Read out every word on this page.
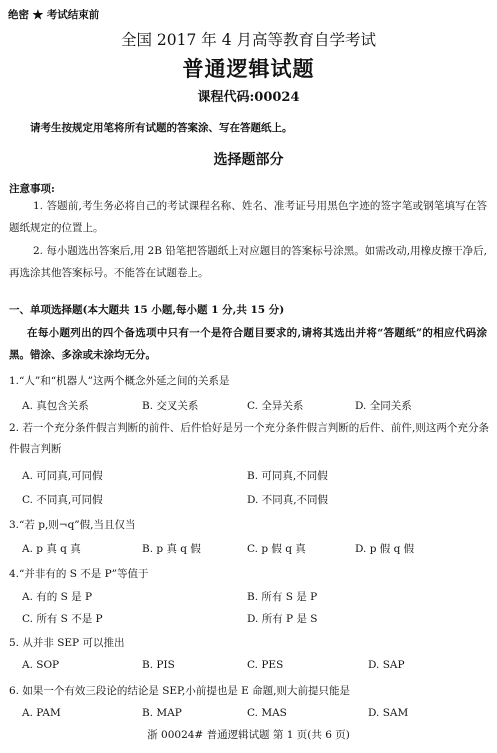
绝密 ★ 考试结束前
全国 2017 年 4 月高等教育自学考试
普通逻辑试题
课程代码:00024
请考生按规定用笔将所有试题的答案涂、写在答题纸上。
选择题部分
注意事项:
1. 答题前,考生务必将自己的考试课程名称、姓名、准考证号用黑色字迹的签字笔或钢笔填写在答题纸规定的位置上。
2. 每小题选出答案后,用 2B 铅笔把答题纸上对应题目的答案标号涂黑。如需改动,用橡皮擦干净后,再选涂其他答案标号。不能答在试题卷上。
一、单项选择题(本大题共 15 小题,每小题 1 分,共 15 分)
在每小题列出的四个备选项中只有一个是符合题目要求的,请将其选出并将“答题纸”的相应代码涂黑。错涂、多涂或未涂均无分。
1.“人”和“机器人”这两个概念外延之间的关系是
A. 真包含关系	B. 交叉关系	C. 全异关系	D. 全同关系
2. 若一个充分条件假言判断的前件、后件恰好是另一个充分条件假言判断的后件、前件,则这两个充分条件假言判断
A. 可同真,可同假	B. 可同真,不同假
C. 不同真,可同假	D. 不同真,不同假
3.“若 p,则¬q”假,当且仅当
A. p 真 q 真	B. p 真 q 假	C. p 假 q 真	D. p 假 q 假
4.“并非有的 S 不是 P”等值于
A. 有的 S 是 P	B. 所有 S 是 P
C. 所有 S 不是 P	D. 所有 P 是 S
5. 从并非 SEP 可以推出
A. SOP	B. PIS	C. PES	D. SAP
6. 如果一个有效三段论的结论是 SEP,小前提也是 E 命题,则大前提只能是
A. PAM	B. MAP	C. MAS	D. SAM
浙 00024# 普通逻辑试题 第 1 页(共 6 页)
